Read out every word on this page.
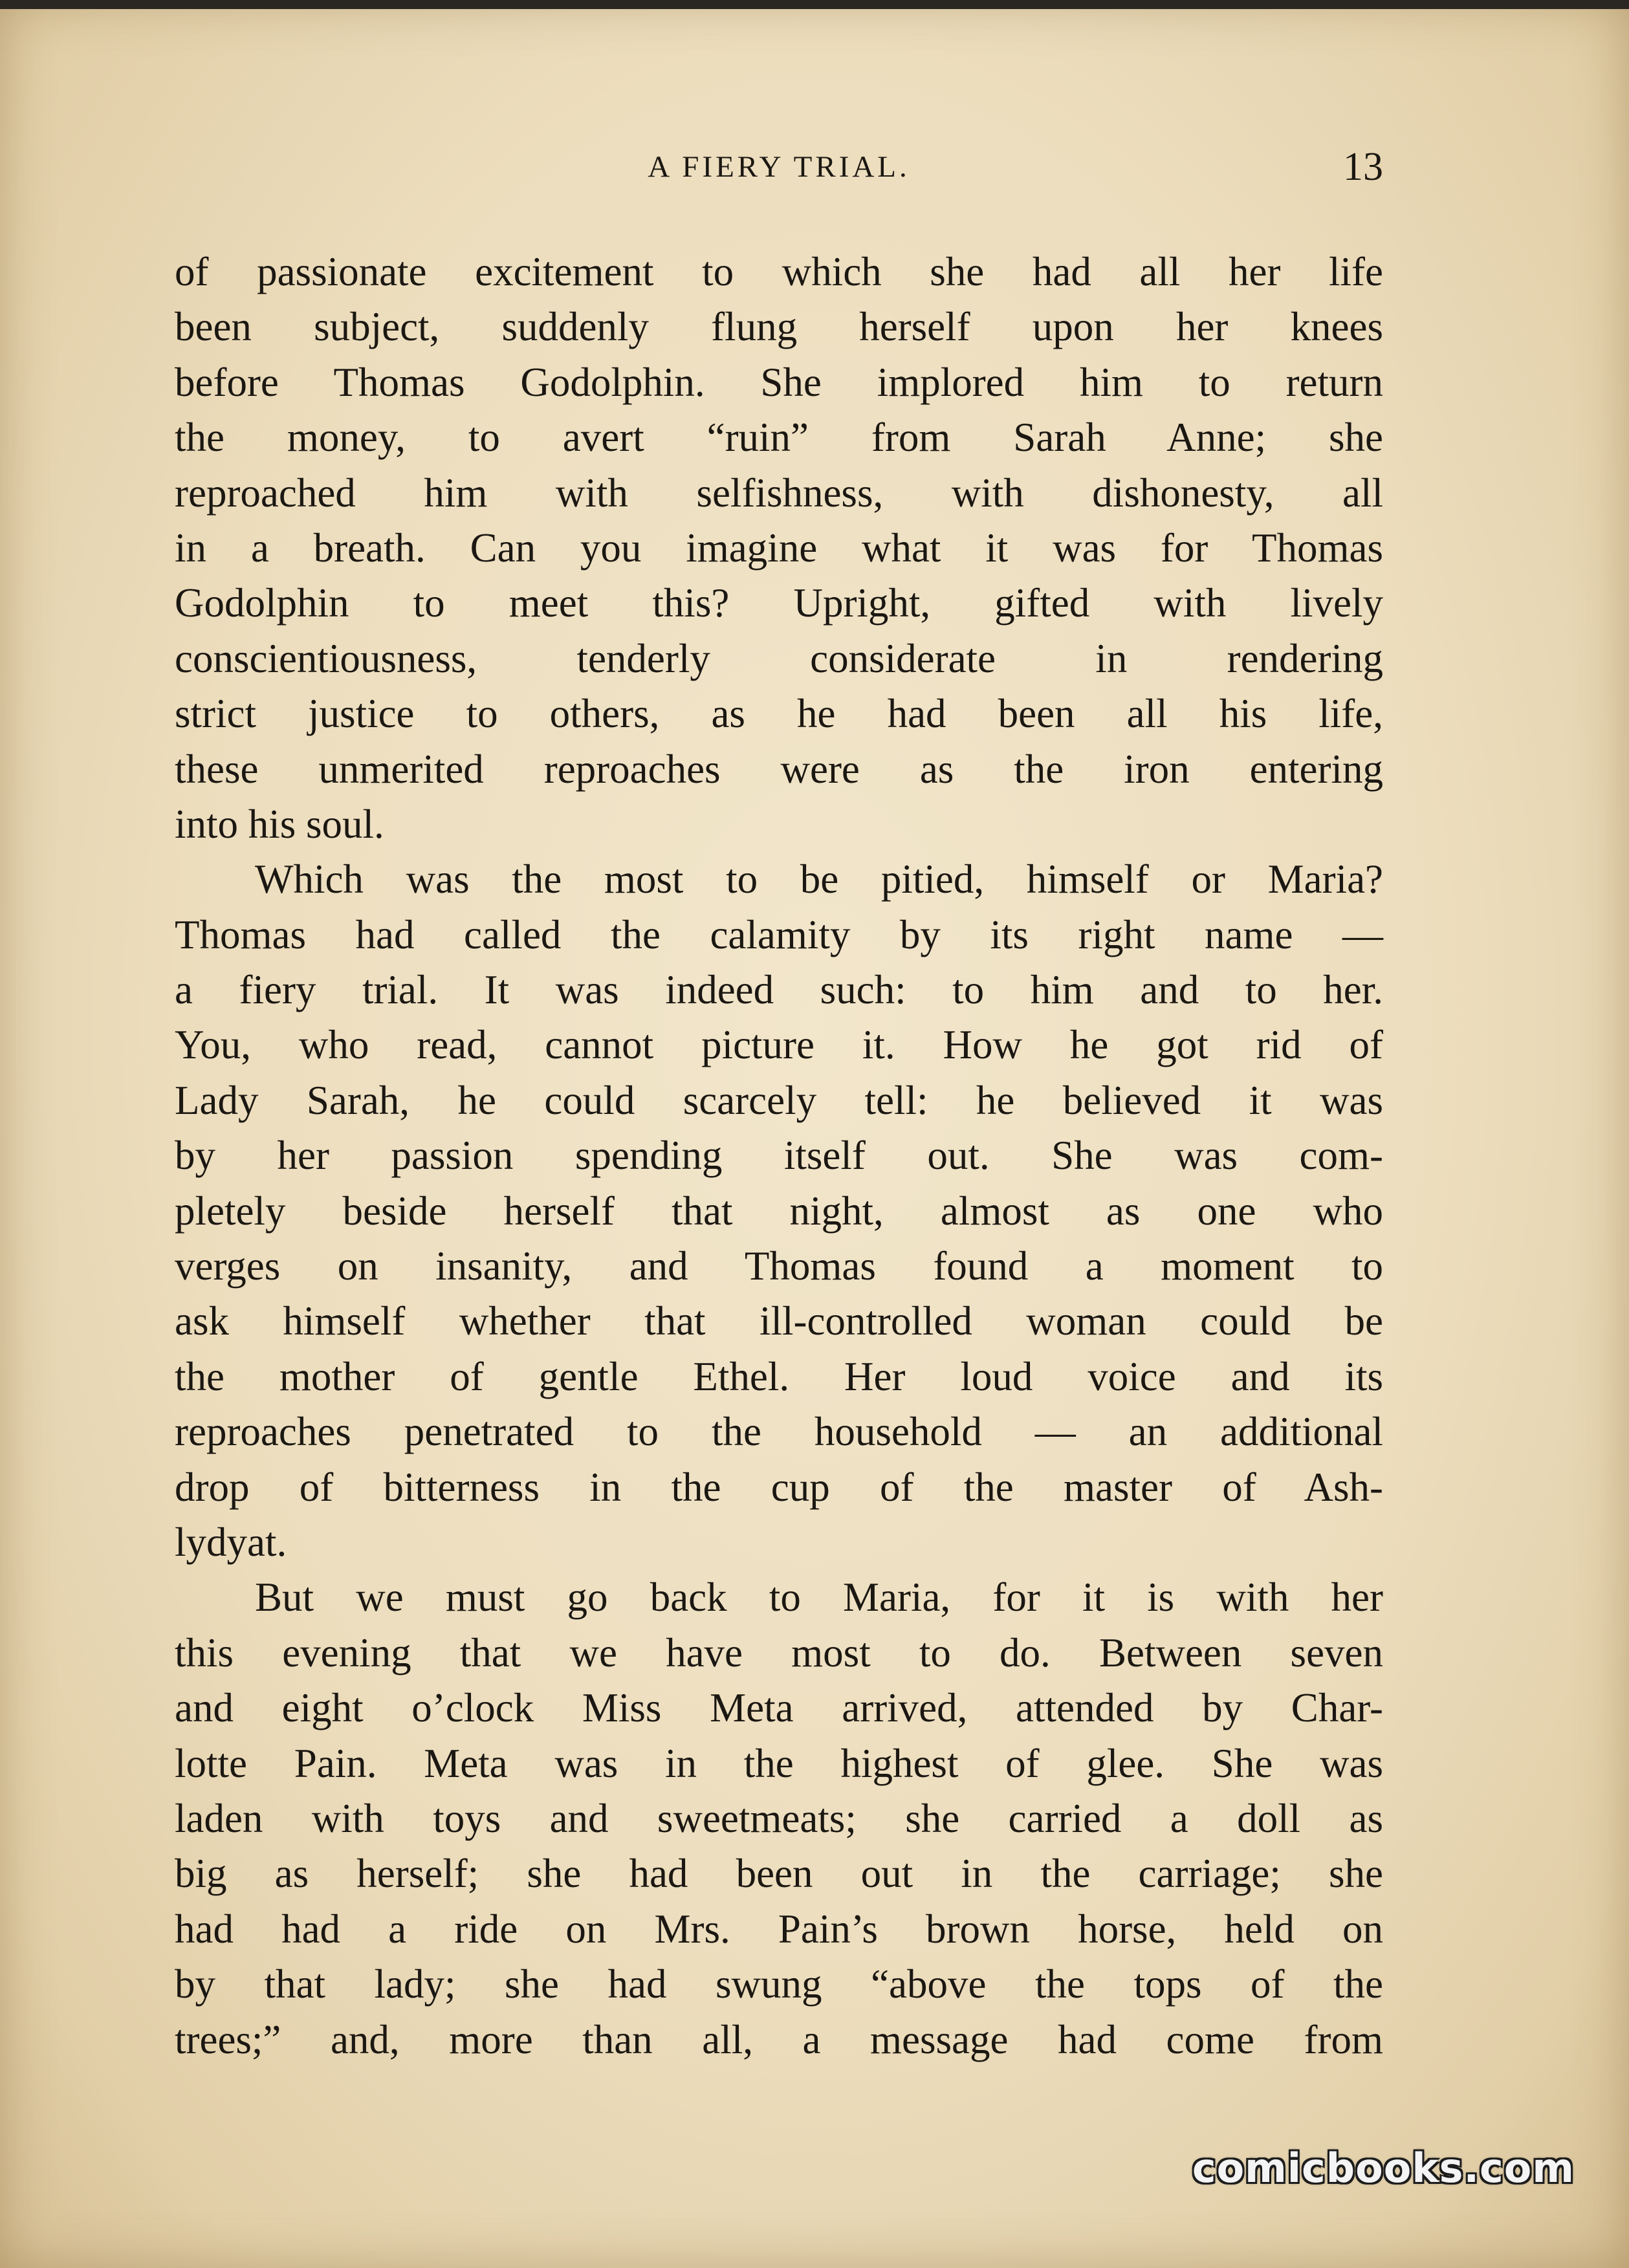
A FIERY TRIAL.	13
of passionate excitement to which she had all her life
been subject, suddenly flung herself upon her knees
before Thomas Godolphin. She implored him to return
the money, to avert “ruin” from Sarah Anne; she
reproached him with selfishness, with dishonesty, all
in a breath. Can you imagine what it was for Thomas
Godolphin to meet this? Upright, gifted with lively
conscientiousness, tenderly considerate in rendering
strict justice to others, as he had been all his life,
these unmerited reproaches were as the iron entering
into his soul.
Which was the most to be pitied, himself or Maria?
Thomas had called the calamity by its right name —
a fiery trial. It was indeed such: to him and to her.
You, who read, cannot picture it. How he got rid of
Lady Sarah, he could scarcely tell: he believed it was
by her passion spending itself out. She was com-
pletely beside herself that night, almost as one who
verges on insanity, and Thomas found a moment to
ask himself whether that ill-controlled woman could be
the mother of gentle Ethel. Her loud voice and its
reproaches penetrated to the household — an additional
drop of bitterness in the cup of the master of Ash-
lydyat.
But we must go back to Maria, for it is with her
this evening that we have most to do. Between seven
and eight o’clock Miss Meta arrived, attended by Char-
lotte Pain. Meta was in the highest of glee. She was
laden with toys and sweetmeats; she carried a doll as
big as herself; she had been out in the carriage; she
had had a ride on Mrs. Pain’s brown horse, held on
by that lady; she had swung “above the tops of the
trees;” and, more than all, a message had come from
comicbooks.com
